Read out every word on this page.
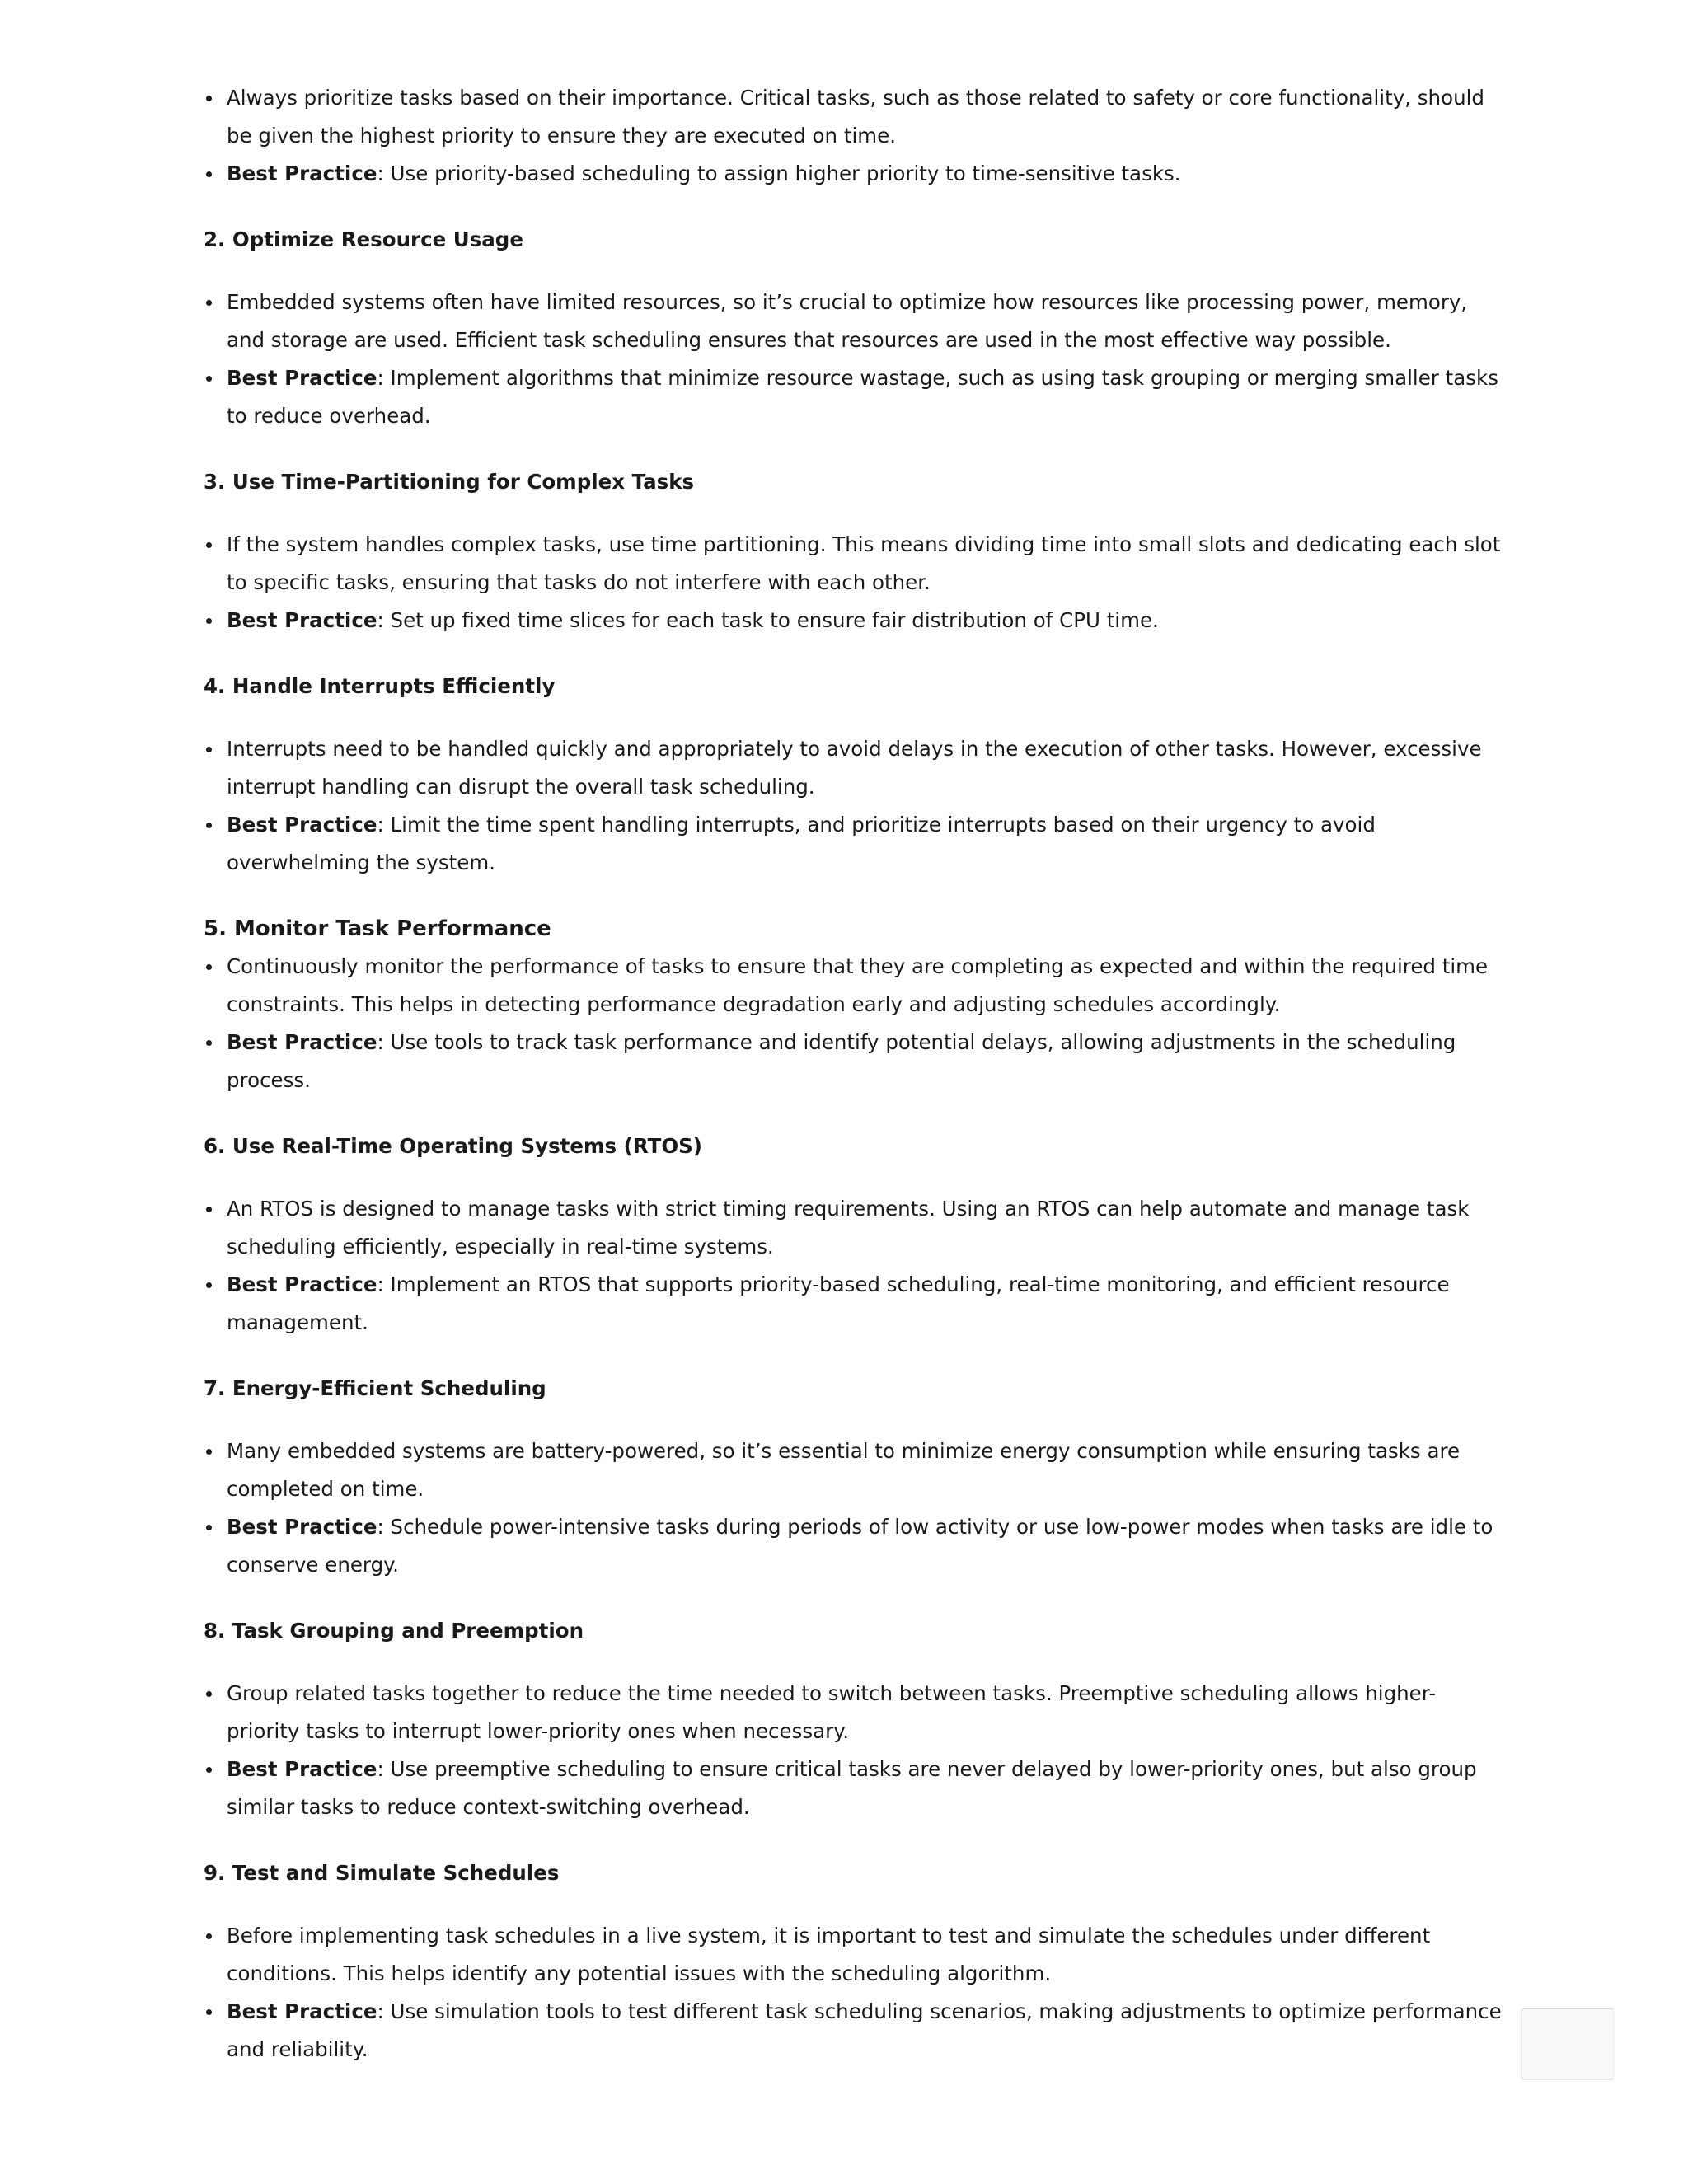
Always prioritize tasks based on their importance. Critical tasks, such as those related to safety or core functionality, should be given the highest priority to ensure they are executed on time.
Best Practice: Use priority-based scheduling to assign higher priority to time-sensitive tasks.
2. Optimize Resource Usage
Embedded systems often have limited resources, so it’s crucial to optimize how resources like processing power, memory, and storage are used. Efficient task scheduling ensures that resources are used in the most effective way possible.
Best Practice: Implement algorithms that minimize resource wastage, such as using task grouping or merging smaller tasks to reduce overhead.
3. Use Time-Partitioning for Complex Tasks
If the system handles complex tasks, use time partitioning. This means dividing time into small slots and dedicating each slot to specific tasks, ensuring that tasks do not interfere with each other.
Best Practice: Set up fixed time slices for each task to ensure fair distribution of CPU time.
4. Handle Interrupts Efficiently
Interrupts need to be handled quickly and appropriately to avoid delays in the execution of other tasks. However, excessive interrupt handling can disrupt the overall task scheduling.
Best Practice: Limit the time spent handling interrupts, and prioritize interrupts based on their urgency to avoid overwhelming the system.
5. Monitor Task Performance
Continuously monitor the performance of tasks to ensure that they are completing as expected and within the required time constraints. This helps in detecting performance degradation early and adjusting schedules accordingly.
Best Practice: Use tools to track task performance and identify potential delays, allowing adjustments in the scheduling process.
6. Use Real-Time Operating Systems (RTOS)
An RTOS is designed to manage tasks with strict timing requirements. Using an RTOS can help automate and manage task scheduling efficiently, especially in real-time systems.
Best Practice: Implement an RTOS that supports priority-based scheduling, real-time monitoring, and efficient resource management.
7. Energy-Efficient Scheduling
Many embedded systems are battery-powered, so it’s essential to minimize energy consumption while ensuring tasks are completed on time.
Best Practice: Schedule power-intensive tasks during periods of low activity or use low-power modes when tasks are idle to conserve energy.
8. Task Grouping and Preemption
Group related tasks together to reduce the time needed to switch between tasks. Preemptive scheduling allows higher-priority tasks to interrupt lower-priority ones when necessary.
Best Practice: Use preemptive scheduling to ensure critical tasks are never delayed by lower-priority ones, but also group similar tasks to reduce context-switching overhead.
9. Test and Simulate Schedules
Before implementing task schedules in a live system, it is important to test and simulate the schedules under different conditions. This helps identify any potential issues with the scheduling algorithm.
Best Practice: Use simulation tools to test different task scheduling scenarios, making adjustments to optimize performance and reliability.
